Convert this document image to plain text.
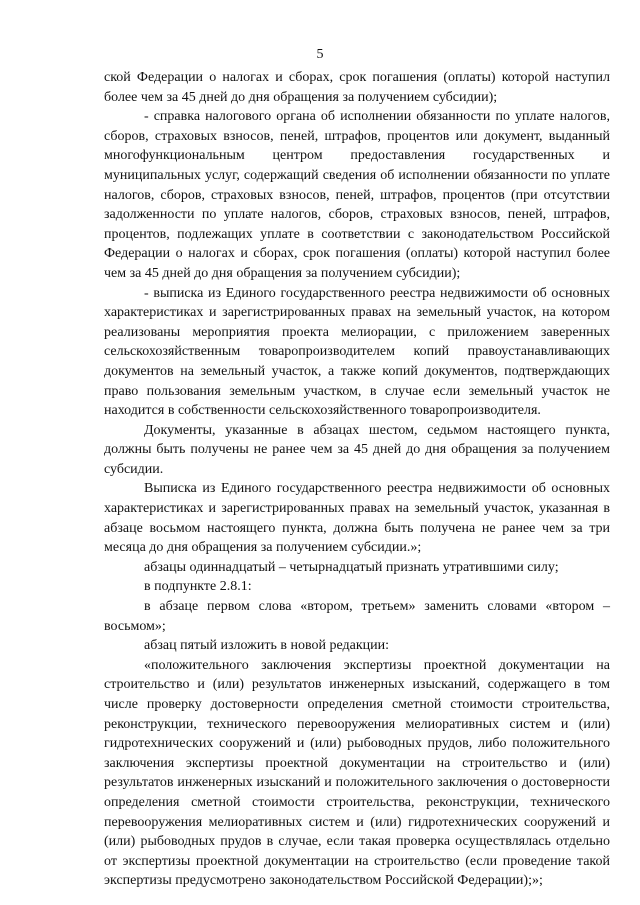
5

ской Федерации о налогах и сборах, срок погашения (оплаты) которой наступил более чем за 45 дней до дня обращения за получением субсидии);

- справка налогового органа об исполнении обязанности по уплате налогов, сборов, страховых взносов, пеней, штрафов, процентов или документ, выданный многофункциональным центром предоставления государственных и муниципальных услуг, содержащий сведения об исполнении обязанности по уплате налогов, сборов, страховых взносов, пеней, штрафов, процентов (при отсутствии задолженности по уплате налогов, сборов, страховых взносов, пеней, штрафов, процентов, подлежащих уплате в соответствии с законодательством Российской Федерации о налогах и сборах, срок погашения (оплаты) которой наступил более чем за 45 дней до дня обращения за получением субсидии);

- выписка из Единого государственного реестра недвижимости об основных характеристиках и зарегистрированных правах на земельный участок, на котором реализованы мероприятия проекта мелиорации, с приложением заверенных сельскохозяйственным товаропроизводителем копий правоустанавливающих документов на земельный участок, а также копий документов, подтверждающих право пользования земельным участком, в случае если земельный участок не находится в собственности сельскохозяйственного товаропроизводителя.

Документы, указанные в абзацах шестом, седьмом настоящего пункта, должны быть получены не ранее чем за 45 дней до дня обращения за получением субсидии.

Выписка из Единого государственного реестра недвижимости об основных характеристиках и зарегистрированных правах на земельный участок, указанная в абзаце восьмом настоящего пункта, должна быть получена не ранее чем за три месяца до дня обращения за получением субсидии.»;

абзацы одиннадцатый – четырнадцатый признать утратившими силу;

в подпункте 2.8.1:

в абзаце первом слова «втором, третьем» заменить словами «втором – восьмом»;

абзац пятый изложить в новой редакции:

«положительного заключения экспертизы проектной документации на строительство и (или) результатов инженерных изысканий, содержащего в том числе проверку достоверности определения сметной стоимости строительства, реконструкции, технического перевооружения мелиоративных систем и (или) гидротехнических сооружений и (или) рыбоводных прудов, либо положительного заключения экспертизы проектной документации на строительство и (или) результатов инженерных изысканий и положительного заключения о достоверности определения сметной стоимости строительства, реконструкции, технического перевооружения мелиоративных систем и (или) гидротехнических сооружений и (или) рыбоводных прудов в случае, если такая проверка осуществлялась отдельно от экспертизы проектной документации на строительство (если проведение такой экспертизы предусмотрено законодательством Российской Федерации);»;
